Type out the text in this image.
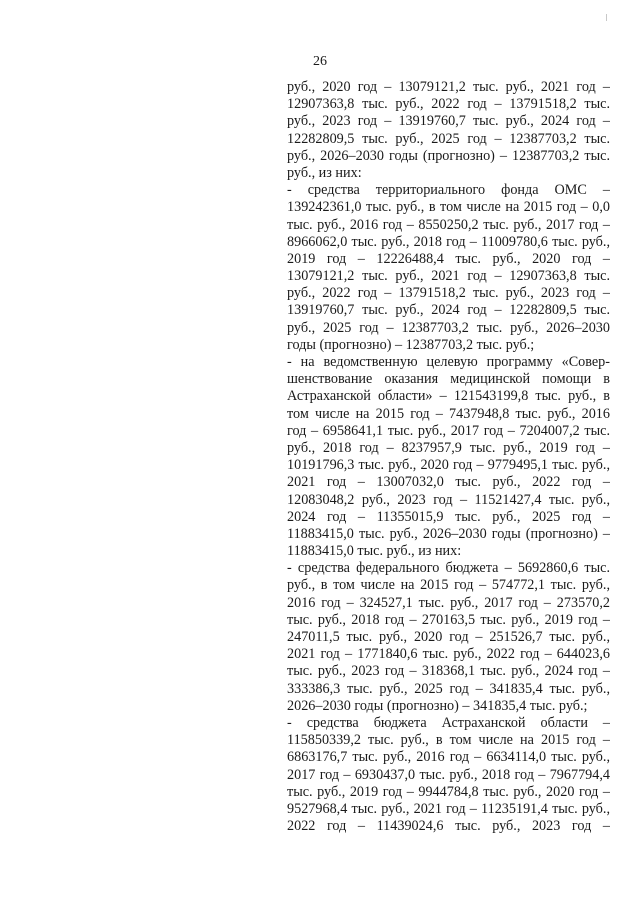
26
руб., 2020 год – 13079121,2 тыс. руб., 2021 год –
12907363,8 тыс. руб., 2022 год – 13791518,2 тыс.
руб., 2023 год – 13919760,7 тыс. руб., 2024 год –
12282809,5 тыс. руб., 2025 год – 12387703,2 тыс.
руб., 2026–2030 годы (прогнозно) – 12387703,2 тыс.
руб., из них:
- средства территориального фонда ОМС –
139242361,0 тыс. руб., в том числе на 2015 год – 0,0
тыс. руб., 2016 год – 8550250,2 тыс. руб., 2017 год –
8966062,0 тыс. руб., 2018 год – 11009780,6 тыс. руб.,
2019 год – 12226488,4 тыс. руб., 2020 год –
13079121,2 тыс. руб., 2021 год – 12907363,8 тыс.
руб., 2022 год – 13791518,2 тыс. руб., 2023 год –
13919760,7 тыс. руб., 2024 год – 12282809,5 тыс.
руб., 2025 год – 12387703,2 тыс. руб., 2026–2030
годы (прогнозно) – 12387703,2 тыс. руб.;
- на ведомственную целевую программу «Совер-
шенствование оказания медицинской помощи в
Астраханской области» – 121543199,8 тыс. руб., в
том числе на 2015 год – 7437948,8 тыс. руб., 2016
год – 6958641,1 тыс. руб., 2017 год – 7204007,2 тыс.
руб., 2018 год – 8237957,9 тыс. руб., 2019 год –
10191796,3 тыс. руб., 2020 год – 9779495,1 тыс. руб.,
2021 год – 13007032,0 тыс. руб., 2022 год –
12083048,2 руб., 2023 год – 11521427,4 тыс. руб.,
2024 год – 11355015,9 тыс. руб., 2025 год –
11883415,0 тыс. руб., 2026–2030 годы (прогнозно) –
11883415,0 тыс. руб., из них:
- средства федерального бюджета – 5692860,6 тыс.
руб., в том числе на 2015 год – 574772,1 тыс. руб.,
2016 год – 324527,1 тыс. руб., 2017 год – 273570,2
тыс. руб., 2018 год – 270163,5 тыс. руб., 2019 год –
247011,5 тыс. руб., 2020 год – 251526,7 тыс. руб.,
2021 год – 1771840,6 тыс. руб., 2022 год – 644023,6
тыс. руб., 2023 год – 318368,1 тыс. руб., 2024 год –
333386,3 тыс. руб., 2025 год – 341835,4 тыс. руб.,
2026–2030 годы (прогнозно) – 341835,4 тыс. руб.;
- средства бюджета Астраханской области –
115850339,2 тыс. руб., в том числе на 2015 год –
6863176,7 тыс. руб., 2016 год – 6634114,0 тыс. руб.,
2017 год – 6930437,0 тыс. руб., 2018 год – 7967794,4
тыс. руб., 2019 год – 9944784,8 тыс. руб., 2020 год –
9527968,4 тыс. руб., 2021 год – 11235191,4 тыс. руб.,
2022 год – 11439024,6 тыс. руб., 2023 год –
